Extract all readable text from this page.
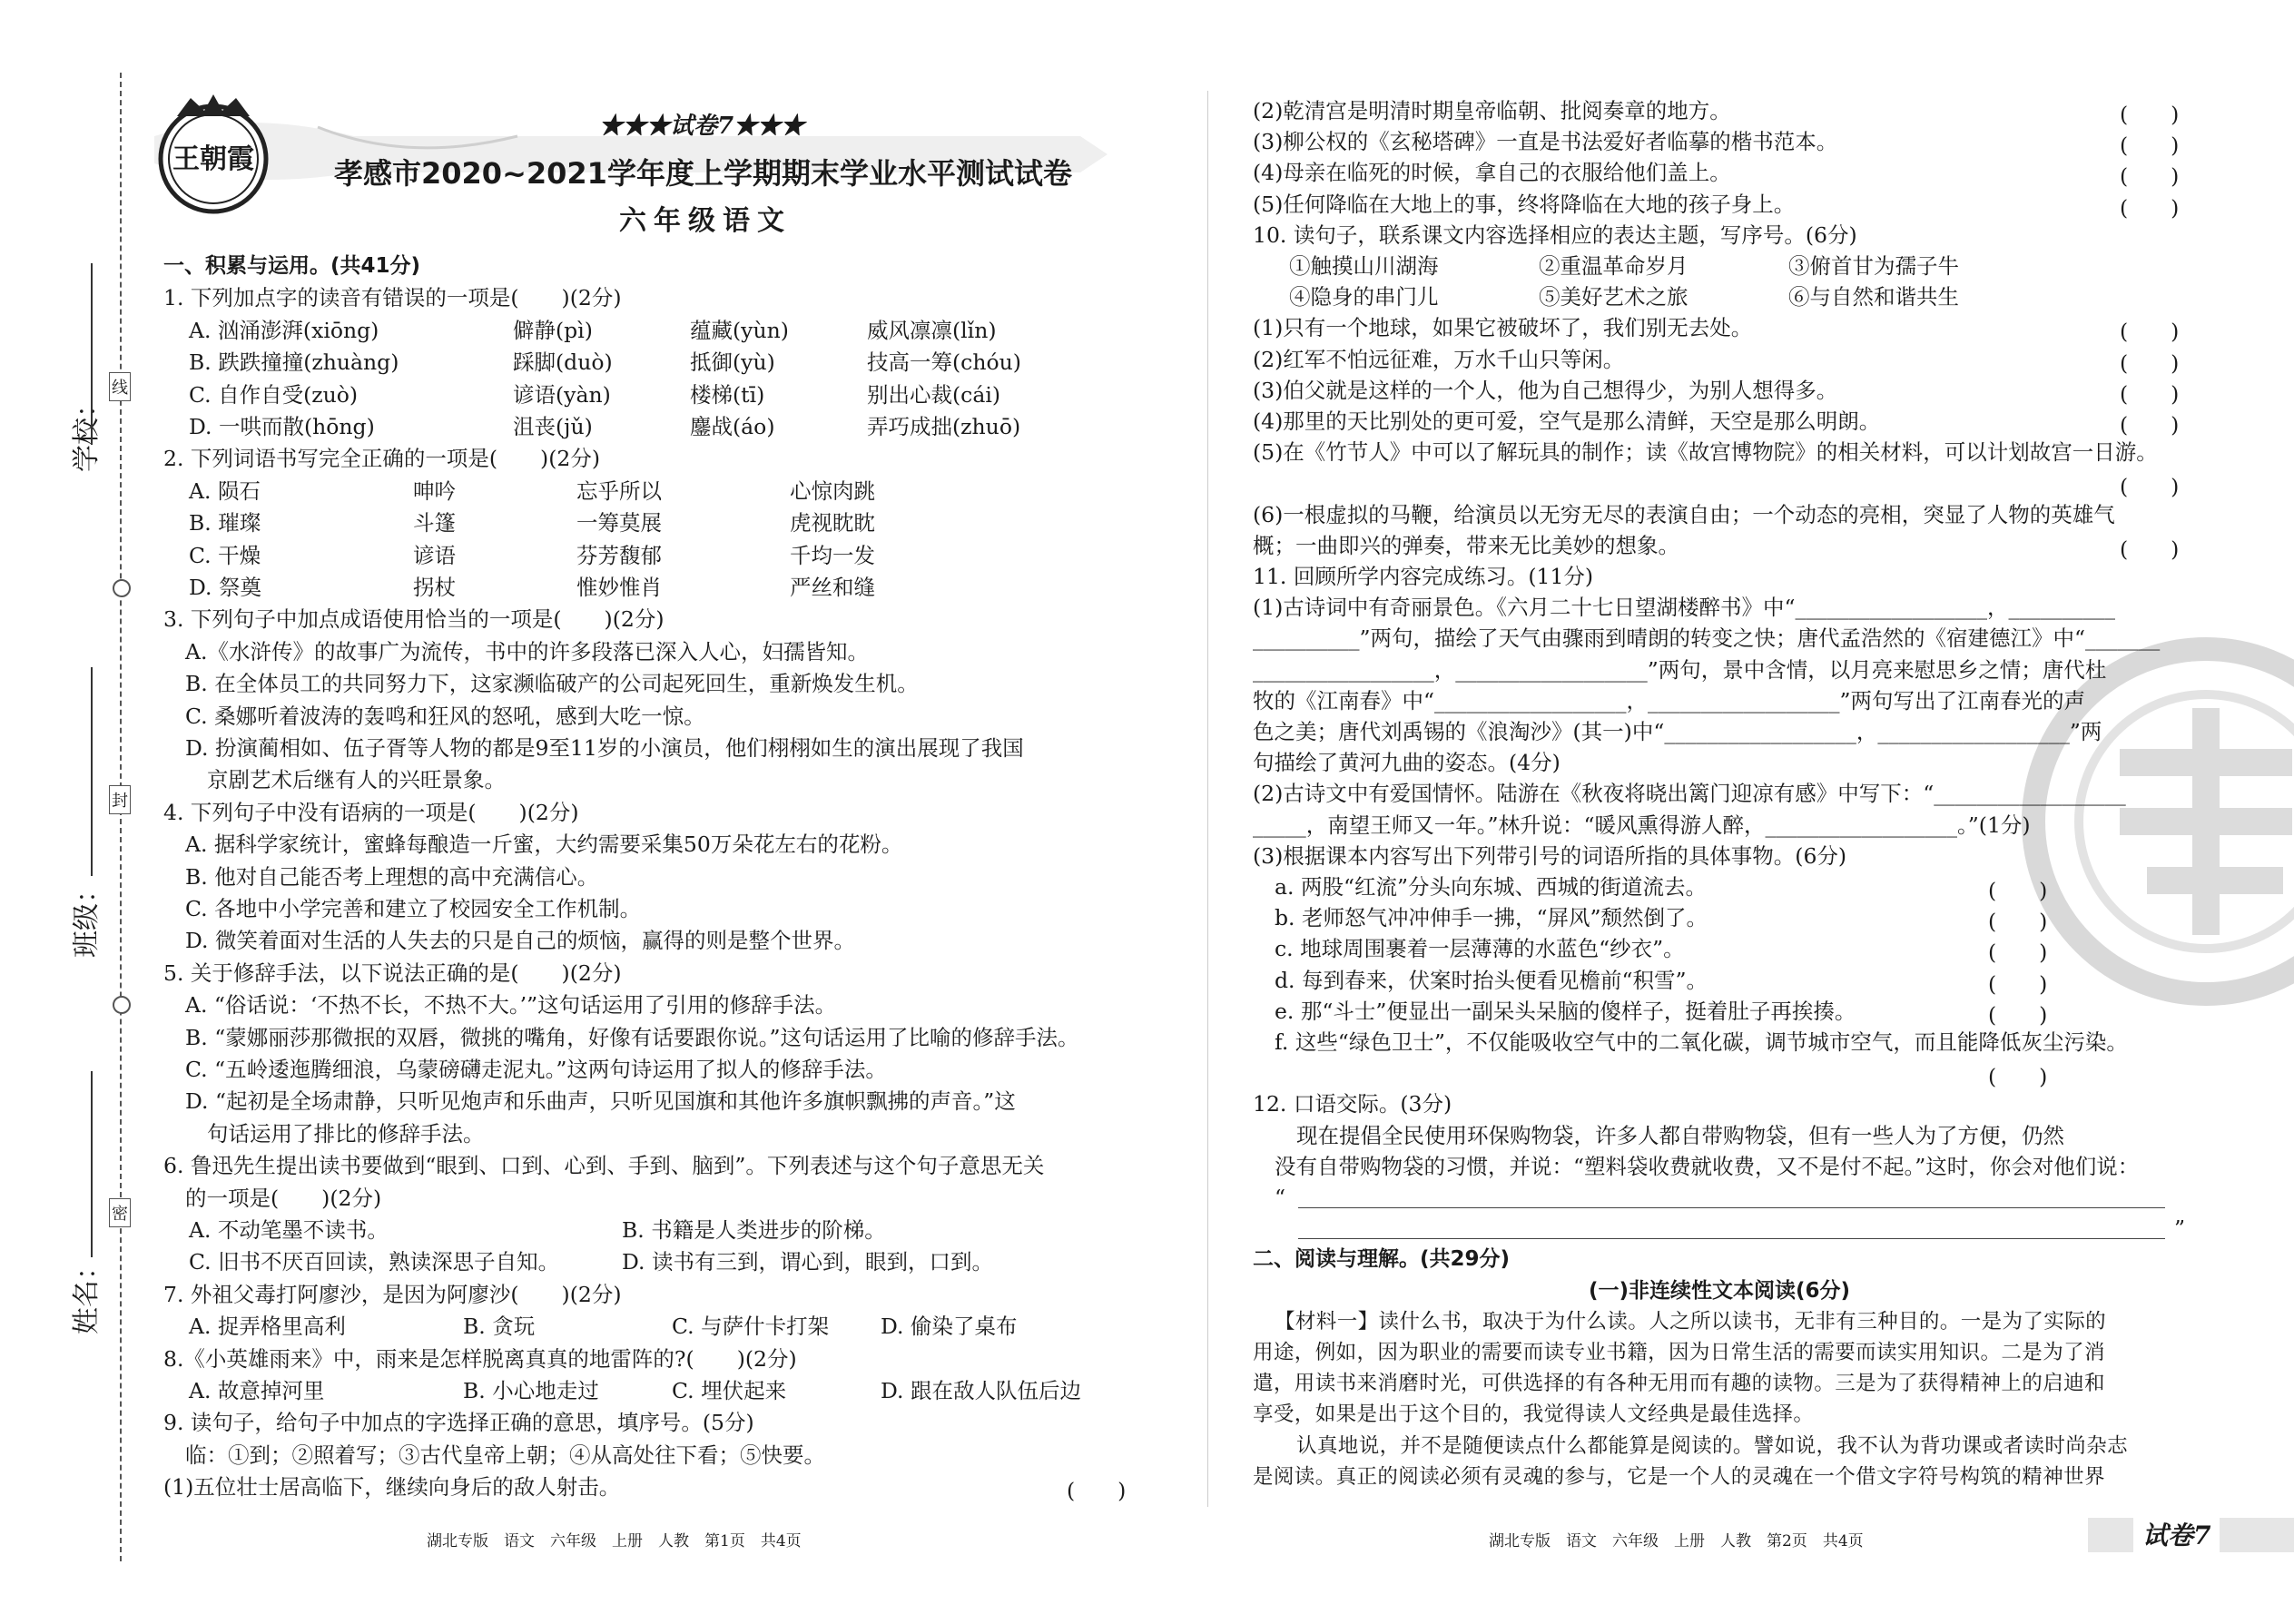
王朝霞
★★★试卷7★★★
孝感市2020~2021学年度上学期期末学业水平测试试卷
六年级语文
学校：
班级：
姓名：
线
封
密
一、积累与运用。(共41分)
1. 下列加点字的读音有错误的一项是(　　)(2分)
A. 汹涌澎湃(xiōng)	僻静(pì)	蕴藏(yùn)	威风凛凛(lǐn)
B. 跌跌撞撞(zhuàng)	踩脚(duò)	抵御(yù)	技高一筹(chóu)
C. 自作自受(zuò)	谚语(yàn)	楼梯(tī)	别出心裁(cái)
D. 一哄而散(hōng)	沮丧(jǔ)	鏖战(áo)	弄巧成拙(zhuō)
2. 下列词语书写完全正确的一项是(　　)(2分)
A. 陨石	呻吟	忘乎所以	心惊肉跳
B. 璀璨	斗篷	一筹莫展	虎视眈眈
C. 干燥	谚语	芬芳馥郁	千均一发
D. 祭奠	拐杖	惟妙惟肖	严丝和缝
3. 下列句子中加点成语使用恰当的一项是(　　)(2分)
A.《水浒传》的故事广为流传，书中的许多段落已深入人心，妇孺皆知。
B. 在全体员工的共同努力下，这家濒临破产的公司起死回生，重新焕发生机。
C. 桑娜听着波涛的轰鸣和狂风的怒吼，感到大吃一惊。
D. 扮演蔺相如、伍子胥等人物的都是9至11岁的小演员，他们栩栩如生的演出展现了我国
京剧艺术后继有人的兴旺景象。
4. 下列句子中没有语病的一项是(　　)(2分)
A. 据科学家统计，蜜蜂每酿造一斤蜜，大约需要采集50万朵花左右的花粉。
B. 他对自己能否考上理想的高中充满信心。
C. 各地中小学完善和建立了校园安全工作机制。
D. 微笑着面对生活的人失去的只是自己的烦恼，赢得的则是整个世界。
5. 关于修辞手法，以下说法正确的是(　　)(2分)
A. “俗话说：‘不热不长，不热不大。’”这句话运用了引用的修辞手法。
B. “蒙娜丽莎那微抿的双唇，微挑的嘴角，好像有话要跟你说。”这句话运用了比喻的修辞手法。
C. “五岭逶迤腾细浪，乌蒙磅礴走泥丸。”这两句诗运用了拟人的修辞手法。
D. “起初是全场肃静，只听见炮声和乐曲声，只听见国旗和其他许多旗帜飘拂的声音。”这
句话运用了排比的修辞手法。
6. 鲁迅先生提出读书要做到“眼到、口到、心到、手到、脑到”。下列表述与这个句子意思无关
的一项是(　　)(2分)
A. 不动笔墨不读书。	B. 书籍是人类进步的阶梯。
C. 旧书不厌百回读，熟读深思子自知。	D. 读书有三到，谓心到，眼到，口到。
7. 外祖父毒打阿廖沙，是因为阿廖沙(　　)(2分)
A. 捉弄格里高利	B. 贪玩	C. 与萨什卡打架 D. 偷染了桌布
8.《小英雄雨来》中，雨来是怎样脱离真真的地雷阵的?(　　)(2分)
A. 故意掉河里	B. 小心地走过	C. 埋伏起来	D. 跟在敌人队伍后边
9. 读句子，给句子中加点的字选择正确的意思，填序号。(5分)
临：①到；②照着写；③古代皇帝上朝；④从高处往下看；⑤快要。
(1)五位壮士居高临下，继续向身后的敌人射击。	(　　)
(2)乾清宫是明清时期皇帝临朝、批阅奏章的地方。	(　　)
(3)柳公权的《玄秘塔碑》一直是书法爱好者临摹的楷书范本。	(　　)
(4)母亲在临死的时候，拿自己的衣服给他们盖上。	(　　)
(5)任何降临在大地上的事，终将降临在大地的孩子身上。	(　　)
10. 读句子，联系课文内容选择相应的表达主题，写序号。(6分)
①触摸山川湖海	②重温革命岁月	③俯首甘为孺子牛
④隐身的串门儿	⑤美好艺术之旅	⑥与自然和谐共生
(1)只有一个地球，如果它被破坏了，我们别无去处。	(　　)
(2)红军不怕远征难，万水千山只等闲。	(　　)
(3)伯父就是这样的一个人，他为自己想得少，为别人想得多。	(　　)
(4)那里的天比别处的更可爱，空气是那么清鲜，天空是那么明朗。	(　　)
(5)在《竹节人》中可以了解玩具的制作；读《故宫博物院》的相关材料，可以计划故宫一日游。
(　　)
(6)一根虚拟的马鞭，给演员以无穷无尽的表演自由；一个动态的亮相，突显了人物的英雄气
概；一曲即兴的弹奏，带来无比美妙的想象。	(　　)
11. 回顾所学内容完成练习。(11分)
(1)古诗词中有奇丽景色。《六月二十七日望湖楼醉书》中“__________________，__________
__________”两句，描绘了天气由骤雨到晴朗的转变之快；唐代孟浩然的《宿建德江》中“_______
_________________，__________________”两句，景中含情，以月亮来慰思乡之情；唐代杜
牧的《江南春》中“__________________，__________________”两句写出了江南春光的声
色之美；唐代刘禹锡的《浪淘沙》(其一)中“__________________，__________________”两
句描绘了黄河九曲的姿态。(4分)
(2)古诗文中有爱国情怀。陆游在《秋夜将晓出篱门迎凉有感》中写下：“__________________
_____，南望王师又一年。”林升说：“暖风熏得游人醉，__________________。”(1分)
(3)根据课本内容写出下列带引号的词语所指的具体事物。(6分)
a. 两股“红流”分头向东城、西城的街道流去。	(　　)
b. 老师怒气冲冲伸手一拂，“屏风”颓然倒了。	(　　)
c. 地球周围裹着一层薄薄的水蓝色“纱衣”。	(　　)
d. 每到春来，伏案时抬头便看见檐前“积雪”。	(　　)
e. 那“斗士”便显出一副呆头呆脑的傻样子，挺着肚子再挨揍。	(　　)
f. 这些“绿色卫士”，不仅能吸收空气中的二氧化碳，调节城市空气，而且能降低灰尘污染。
(　　)
12. 口语交际。(3分)
现在提倡全民使用环保购物袋，许多人都自带购物袋，但有一些人为了方便，仍然
没有自带购物袋的习惯，并说：“塑料袋收费就收费，又不是付不起。”这时，你会对他们说：
“
”
二、阅读与理解。(共29分)
(一)非连续性文本阅读(6分)
【材料一】读什么书，取决于为什么读。人之所以读书，无非有三种目的。一是为了实际的
用途，例如，因为职业的需要而读专业书籍，因为日常生活的需要而读实用知识。二是为了消
遣，用读书来消磨时光，可供选择的有各种无用而有趣的读物。三是为了获得精神上的启迪和
享受，如果是出于这个目的，我觉得读人文经典是最佳选择。
认真地说，并不是随便读点什么都能算是阅读的。譬如说，我不认为背功课或者读时尚杂志
是阅读。真正的阅读必须有灵魂的参与，它是一个人的灵魂在一个借文字符号构筑的精神世界
湖北专版　语文　六年级　上册　人教　第1页　共4页	湖北专版　语文　六年级　上册　人教　第2页　共4页	试卷7
